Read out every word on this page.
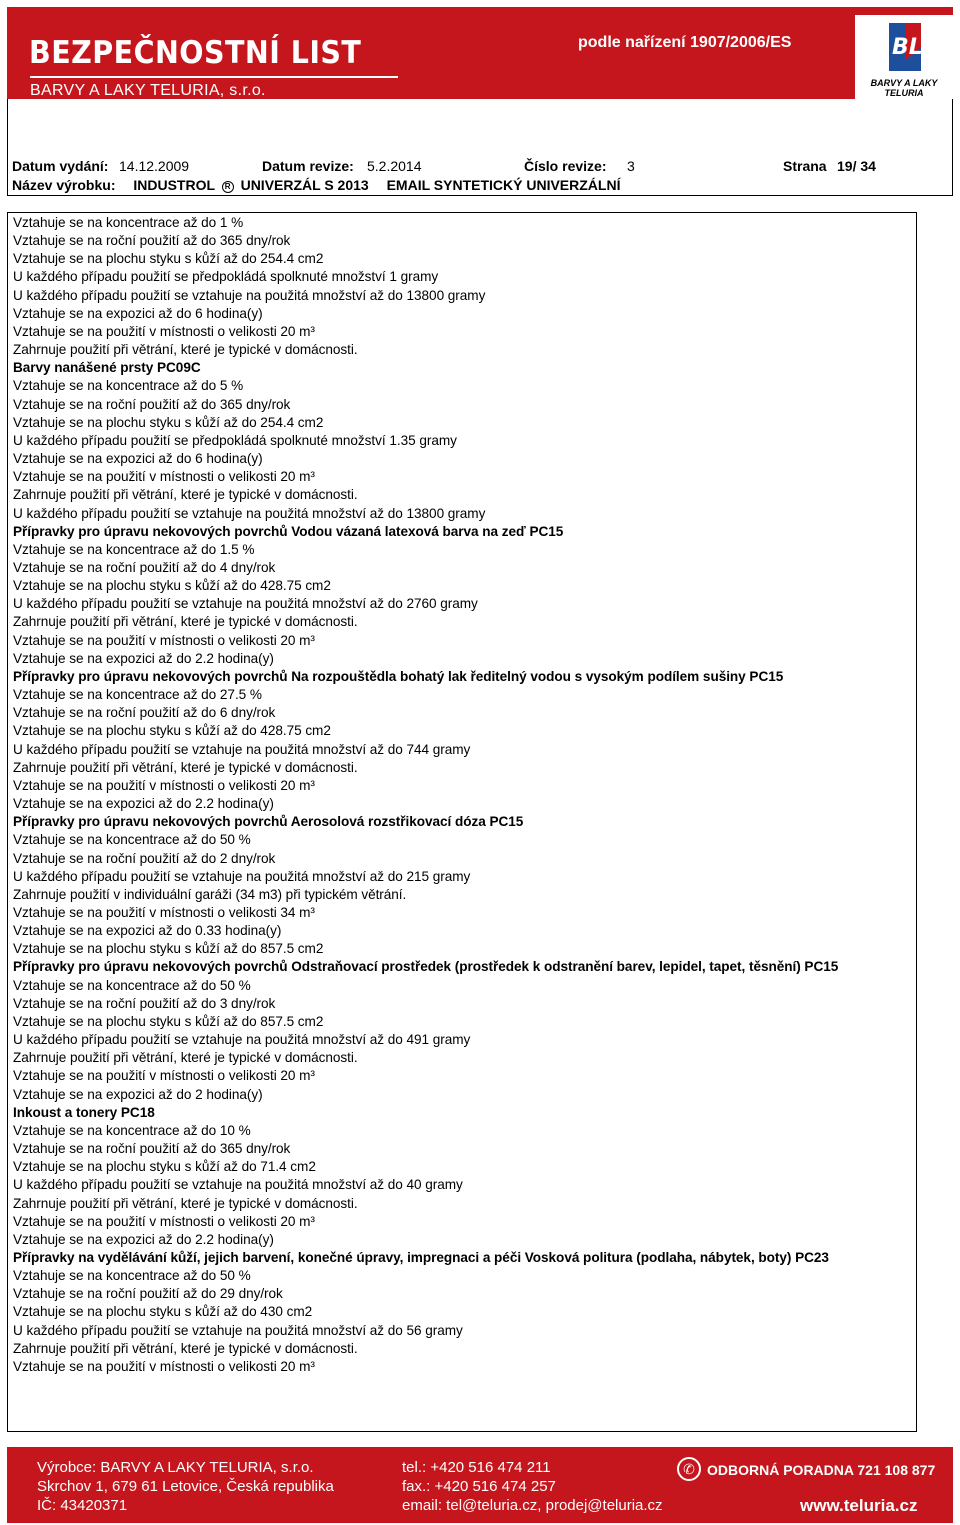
BEZPEČNOSTNÍ LIST
BARVY A LAKY TELURIA, s.r.o.
podle nařízení 1907/2006/ES	BL
BARVY A LAKY
TELURIA
Datum vydání: 14.12.2009	Datum revize: 5.2.2014	Číslo revize: 3	Strana 19/ 34
Název výrobku: INDUSTROL R UNIVERZÁL S 2013 EMAIL SYNTETICKÝ UNIVERZÁLNÍ
Vztahuje se na koncentrace až do 1 %
Vztahuje se na roční použití až do 365 dny/rok
Vztahuje se na plochu styku s kůží až do 254.4 cm2
U každého případu použití se předpokládá spolknuté množství 1 gramy
U každého případu použití se vztahuje na použitá množství až do 13800 gramy
Vztahuje se na expozici až do 6 hodina(y)
Vztahuje se na použití v místnosti o velikosti 20 m³
Zahrnuje použití při větrání, které je typické v domácnosti.
Barvy nanášené prsty PC09C
Vztahuje se na koncentrace až do 5 %
Vztahuje se na roční použití až do 365 dny/rok
Vztahuje se na plochu styku s kůží až do 254.4 cm2
U každého případu použití se předpokládá spolknuté množství 1.35 gramy
Vztahuje se na expozici až do 6 hodina(y)
Vztahuje se na použití v místnosti o velikosti 20 m³
Zahrnuje použití při větrání, které je typické v domácnosti.
U každého případu použití se vztahuje na použitá množství až do 13800 gramy
Přípravky pro úpravu nekovových povrchů Vodou vázaná latexová barva na zeď PC15
Vztahuje se na koncentrace až do 1.5 %
Vztahuje se na roční použití až do 4 dny/rok
Vztahuje se na plochu styku s kůží až do 428.75 cm2
U každého případu použití se vztahuje na použitá množství až do 2760 gramy
Zahrnuje použití při větrání, které je typické v domácnosti.
Vztahuje se na použití v místnosti o velikosti 20 m³
Vztahuje se na expozici až do 2.2 hodina(y)
Přípravky pro úpravu nekovových povrchů Na rozpouštědla bohatý lak ředitelný vodou s vysokým podílem sušiny PC15
Vztahuje se na koncentrace až do 27.5 %
Vztahuje se na roční použití až do 6 dny/rok
Vztahuje se na plochu styku s kůží až do 428.75 cm2
U každého případu použití se vztahuje na použitá množství až do 744 gramy
Zahrnuje použití při větrání, které je typické v domácnosti.
Vztahuje se na použití v místnosti o velikosti 20 m³
Vztahuje se na expozici až do 2.2 hodina(y)
Přípravky pro úpravu nekovových povrchů Aerosolová rozstřikovací dóza PC15
Vztahuje se na koncentrace až do 50 %
Vztahuje se na roční použití až do 2 dny/rok
U každého případu použití se vztahuje na použitá množství až do 215 gramy
Zahrnuje použití v individuální garáži (34 m3) při typickém větrání.
Vztahuje se na použití v místnosti o velikosti 34 m³
Vztahuje se na expozici až do 0.33 hodina(y)
Vztahuje se na plochu styku s kůží až do 857.5 cm2
Přípravky pro úpravu nekovových povrchů Odstraňovací prostředek (prostředek k odstranění barev, lepidel, tapet, těsnění) PC15
Vztahuje se na koncentrace až do 50 %
Vztahuje se na roční použití až do 3 dny/rok
Vztahuje se na plochu styku s kůží až do 857.5 cm2
U každého případu použití se vztahuje na použitá množství až do 491 gramy
Zahrnuje použití při větrání, které je typické v domácnosti.
Vztahuje se na použití v místnosti o velikosti 20 m³
Vztahuje se na expozici až do 2 hodina(y)
Inkoust a tonery PC18
Vztahuje se na koncentrace až do 10 %
Vztahuje se na roční použití až do 365 dny/rok
Vztahuje se na plochu styku s kůží až do 71.4 cm2
U každého případu použití se vztahuje na použitá množství až do 40 gramy
Zahrnuje použití při větrání, které je typické v domácnosti.
Vztahuje se na použití v místnosti o velikosti 20 m³
Vztahuje se na expozici až do 2.2 hodina(y)
Přípravky na vydělávání kůží, jejich barvení, konečné úpravy, impregnaci a péči Vosková politura (podlaha, nábytek, boty) PC23
Vztahuje se na koncentrace až do 50 %
Vztahuje se na roční použití až do 29 dny/rok
Vztahuje se na plochu styku s kůží až do 430 cm2
U každého případu použití se vztahuje na použitá množství až do 56 gramy
Zahrnuje použití při větrání, které je typické v domácnosti.
Vztahuje se na použití v místnosti o velikosti 20 m³
Výrobce: BARVY A LAKY TELURIA, s.r.o.
Skrchov 1, 679 61 Letovice, Česká republika
IČ: 43420371
tel.: +420 516 474 211
fax.: +420 516 474 257
email: tel@teluria.cz, prodej@teluria.cz
✆ ODBORNÁ PORADNA 721 108 877
www.teluria.cz
